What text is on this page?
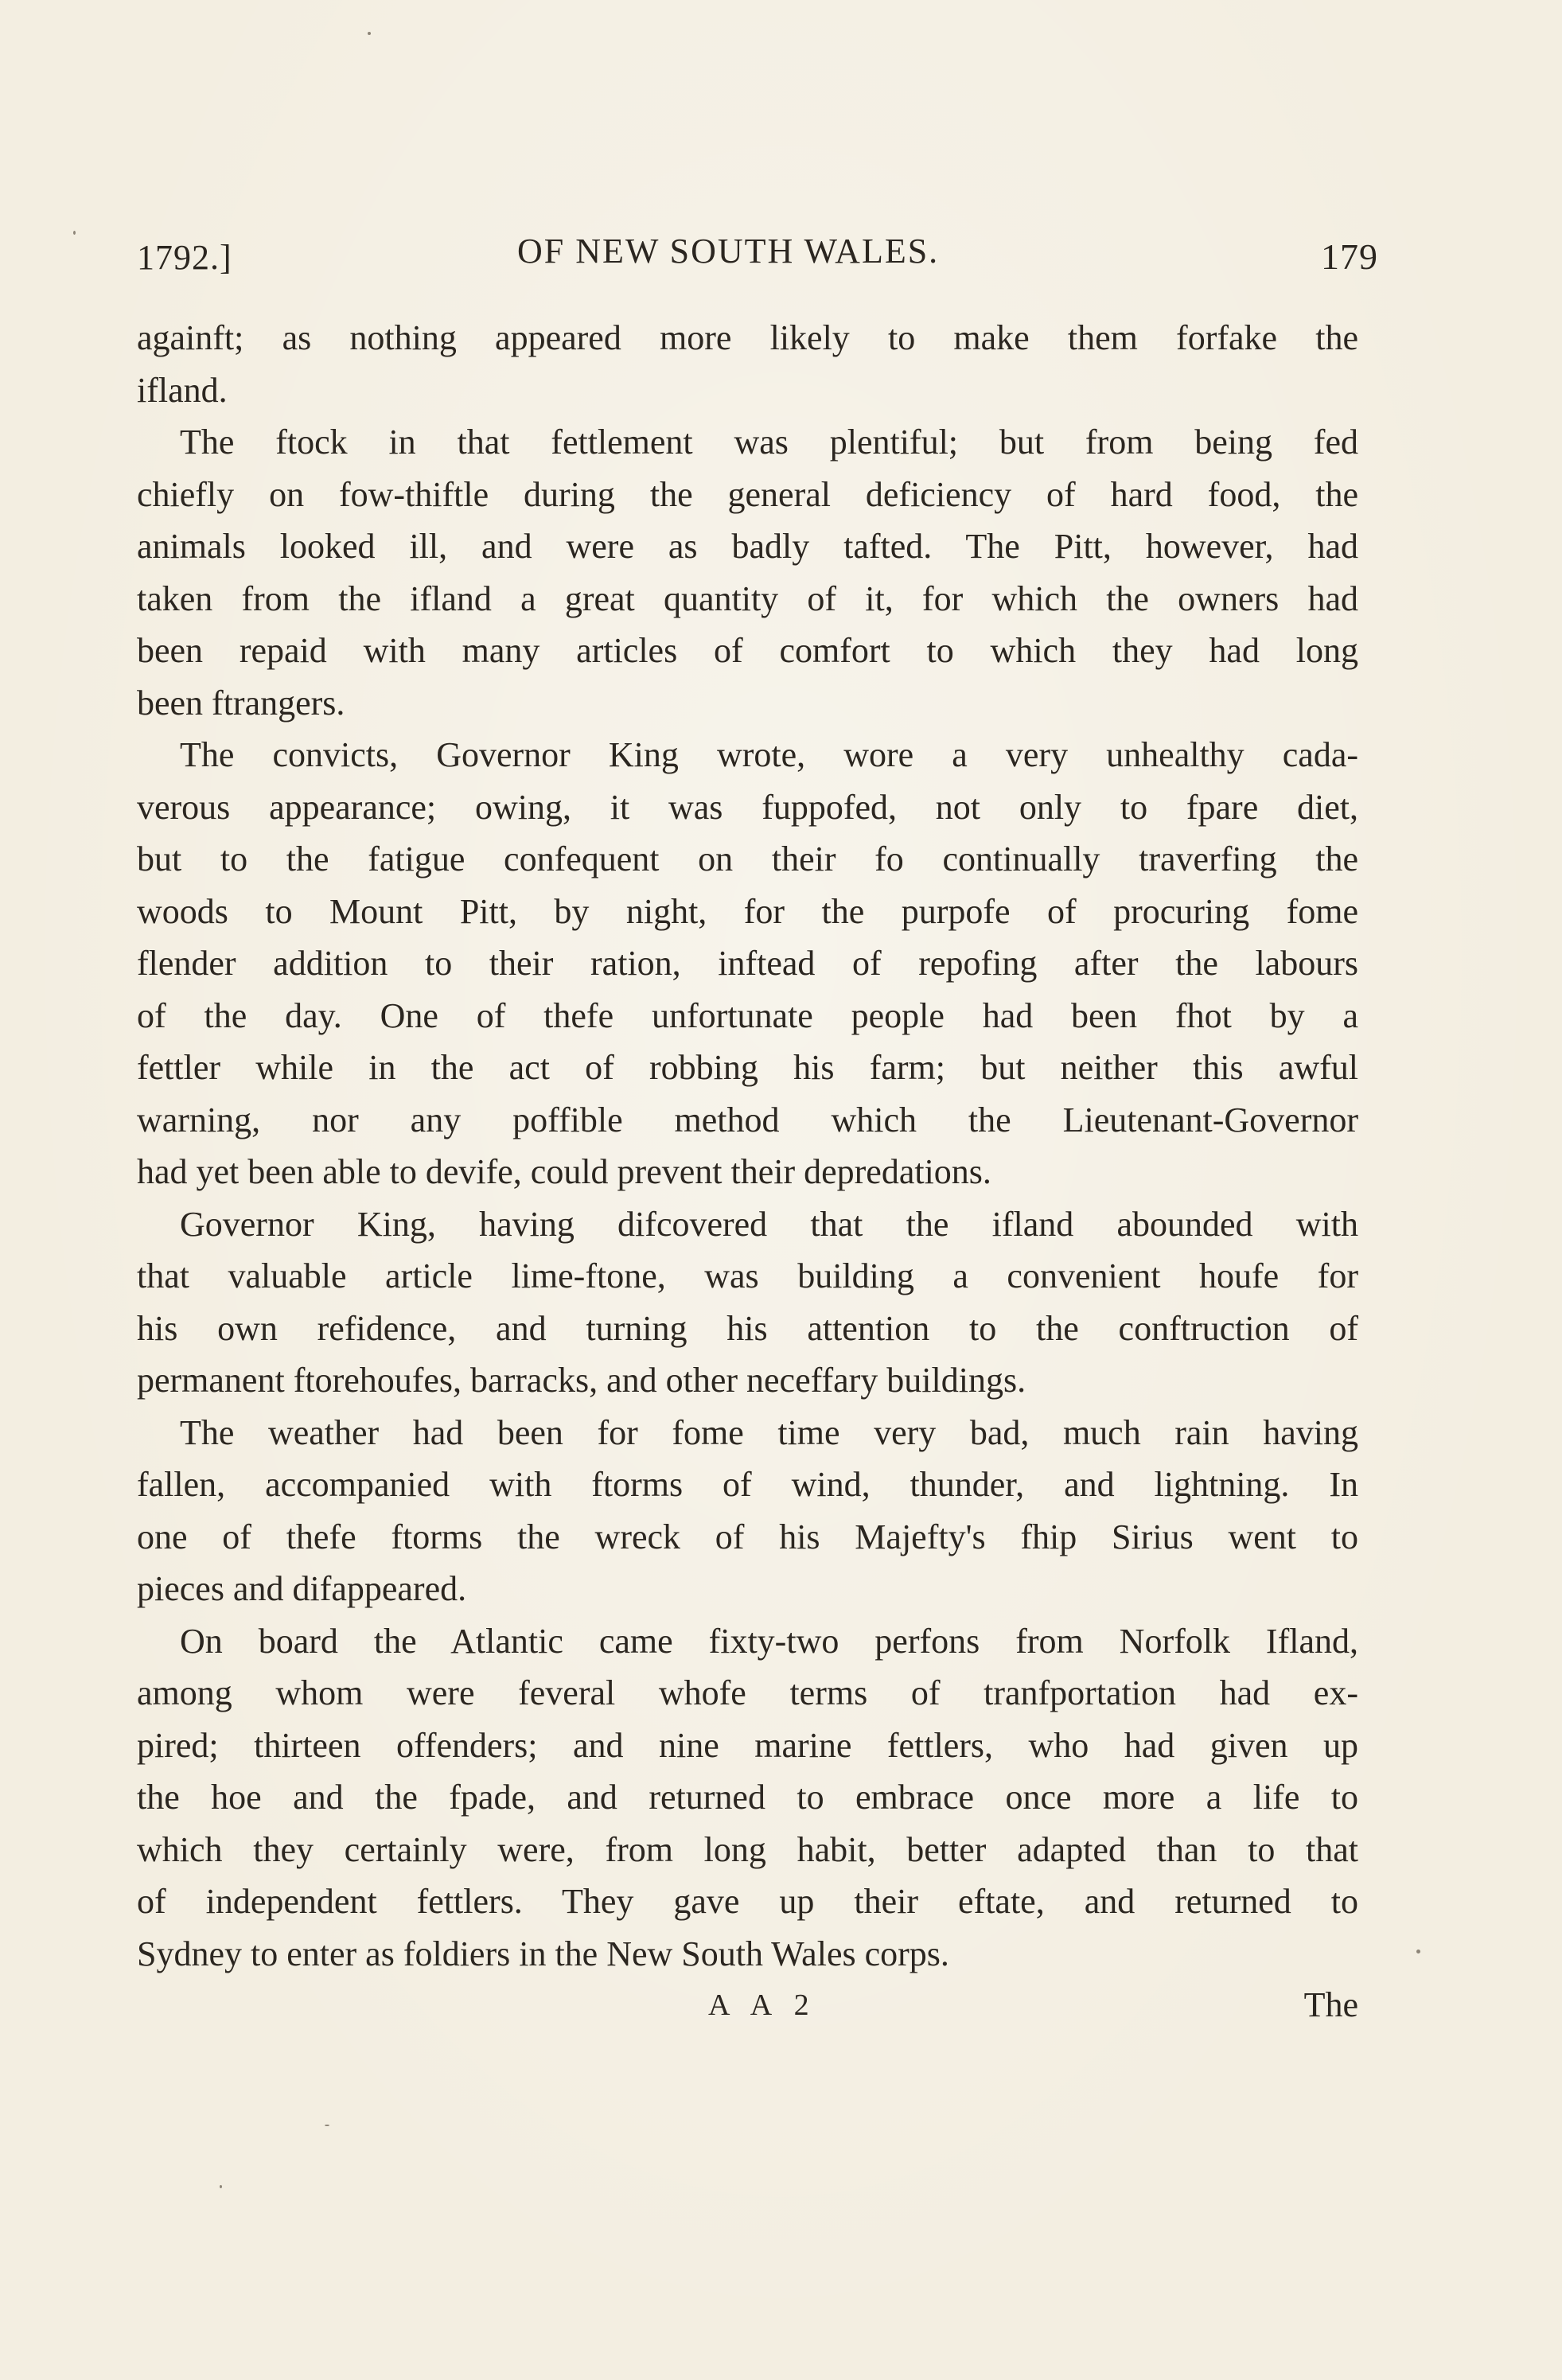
1792.]	OF NEW SOUTH WALES.	179

againft; as nothing appeared more likely to make them forfake the
ifland.

The ftock in that fettlement was plentiful; but from being fed
chiefly on fow-thiftle during the general deficiency of hard food, the
animals looked ill, and were as badly tafted. The Pitt, however, had
taken from the ifland a great quantity of it, for which the owners had
been repaid with many articles of comfort to which they had long
been ftrangers.

The convicts, Governor King wrote, wore a very unhealthy cada-
verous appearance; owing, it was fuppofed, not only to fpare diet,
but to the fatigue confequent on their fo continually traverfing the
woods to Mount Pitt, by night, for the purpofe of procuring fome
flender addition to their ration, inftead of repofing after the labours
of the day. One of thefe unfortunate people had been fhot by a
fettler while in the act of robbing his farm; but neither this awful
warning, nor any poffible method which the Lieutenant-Governor
had yet been able to devife, could prevent their depredations.

Governor King, having difcovered that the ifland abounded with
that valuable article lime-ftone, was building a convenient houfe for
his own refidence, and turning his attention to the conftruction of
permanent ftorehoufes, barracks, and other neceffary buildings.

The weather had been for fome time very bad, much rain having
fallen, accompanied with ftorms of wind, thunder, and lightning. In
one of thefe ftorms the wreck of his Majefty's fhip Sirius went to
pieces and difappeared.

On board the Atlantic came fixty-two perfons from Norfolk Ifland,
among whom were feveral whofe terms of tranfportation had ex-
pired; thirteen offenders; and nine marine fettlers, who had given up
the hoe and the fpade, and returned to embrace once more a life to
which they certainly were, from long habit, better adapted than to that
of independent fettlers. They gave up their eftate, and returned to
Sydney to enter as foldiers in the New South Wales corps.

A A 2	The
